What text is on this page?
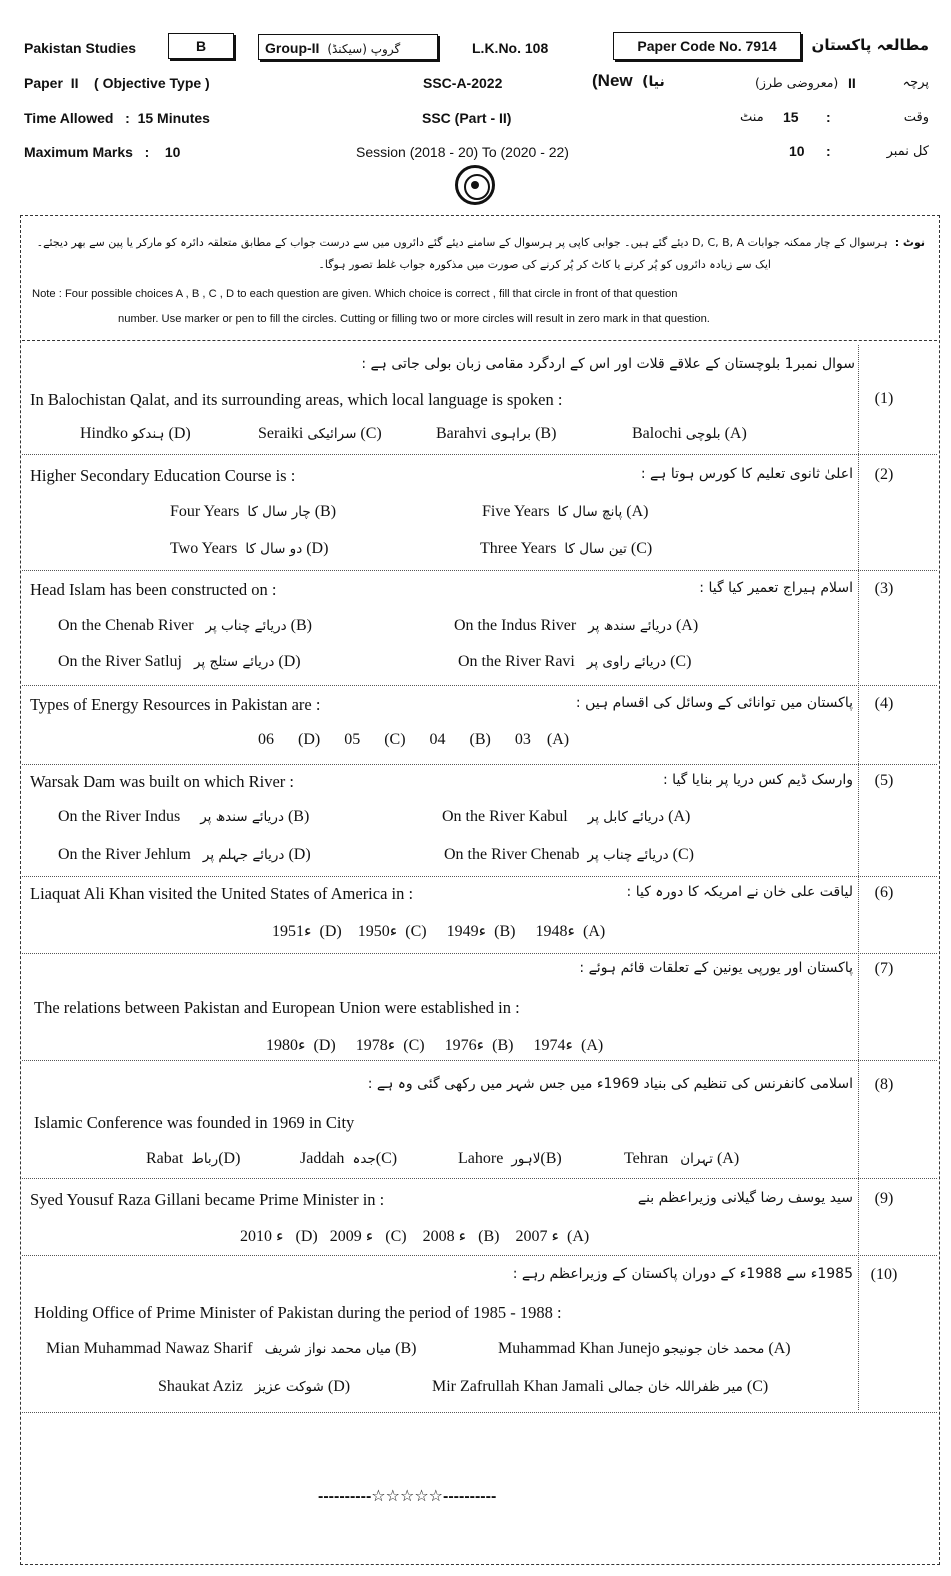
Pakistan Studies	B	Group-II گروپ (سیکنڈ)	L.K.No. 108	Paper Code No. 7914	مطالعہ پاکستان
Paper II ( Objective Type )	SSC-A-2022	(New نیا)	(معروضی طرز) II	پرچہ
Time Allowed : 15 Minutes	SSC (Part - II)	منٹ 15 :	وقت
Maximum Marks : 10	Session (2018 - 20) To (2020 - 22)	10 :	کل نمبر
نوٹ :  ہرسوال کے چار ممکنہ جوابات D, C, B, A دیئے گئے ہیں۔ جوابی کاپی پر ہرسوال کے سامنے دیئے گئے دائروں میں سے درست جواب کے مطابق متعلقہ دائرہ کو مارکر یا پین سے بھر دیجئے۔
ایک سے زیادہ دائروں کو پُر کرنے یا کاٹ کر پُر کرنے کی صورت میں مذکورہ جواب غلط تصور ہوگا۔
Note : Four possible choices A , B , C , D to each question are given. Which choice is correct , fill that circle in front of that question
number. Use marker or pen to fill the circles. Cutting or filling two or more circles will result in zero mark in that question.
سوال نمبر1 بلوچستان کے علاقے قلات اور اس کے اردگرد مقامی زبان بولی جاتی ہے :
(1)
In Balochistan Qalat, and its surrounding areas, which local language is spoken :
Hindko ہندکو (D)	Seraiki سرائیکی (C)	Barahvi براہوی (B)	Balochi بلوچی (A)
Higher Secondary Education Course is :	اعلیٰ ثانوی تعلیم کا کورس ہوتا ہے :	(2)
Four Years چار سال کا (B)	Five Years پانچ سال کا (A)
Two Years دو سال کا (D)	Three Years تین سال کا (C)
Head Islam has been constructed on :	اسلام ہیراج تعمیر کیا گیا :	(3)
On the Chenab River دریائے چناب پر (B)	On the Indus River دریائے سندھ پر (A)
On the River Satluj دریائے ستلج پر (D)	On the River Ravi دریائے راوی پر (C)
Types of Energy Resources in Pakistan are :	پاکستان میں توانائی کے وسائل کی اقسام ہیں :	(4)
06 (D) 05 (C) 04 (B) 03 (A)
Warsak Dam was built on which River :	وارسک ڈیم کس دریا پر بنایا گیا :	(5)
On the River Indus دریائے سندھ پر (B)	On the River Kabul دریائے کابل پر (A)
On the River Jehlum دریائے جہلم پر (D)	On the River Chenab دریائے چناب پر (C)
Liaquat Ali Khan visited the United States of America in :	لیاقت علی خان نے امریکہ کا دورہ کیا :	(6)
1951ء (D) 1950ء (C) 1949ء (B) 1948ء (A)
پاکستان اور یورپی یونین کے تعلقات قائم ہوئے :	(7)
The relations between Pakistan and European Union were established in :
1980ء (D) 1978ء (C) 1976ء (B) 1974ء (A)
اسلامی کانفرنس کی تنظیم کی بنیاد 1969ء میں جس شہر میں رکھی گئی وہ ہے :	(8)
Islamic Conference was founded in 1969 in City
Rabat رباط(D)	Jaddah جدہ(C)	Lahore لاہور(B)	Tehran تہران (A)
Syed Yousuf Raza Gillani became Prime Minister in :	سید یوسف رضا گیلانی وزیراعظم بنے	(9)
2010 ء (D) 2009 ء (C) 2008 ء (B) 2007 ء (A)
1985ء سے 1988ء کے دوران پاکستان کے وزیراعظم رہے :	(10)
Holding Office of Prime Minister of Pakistan during the period of 1985 - 1988 :
Mian Muhammad Nawaz Sharif میاں محمد نواز شریف (B)	Muhammad Khan Junejo محمد خان جونیجو (A)
Shaukat Aziz شوکت عزیز (D)	Mir Zafrullah Khan Jamali میر ظفراللہ خان جمالی (C)
----------☆☆☆☆☆----------
